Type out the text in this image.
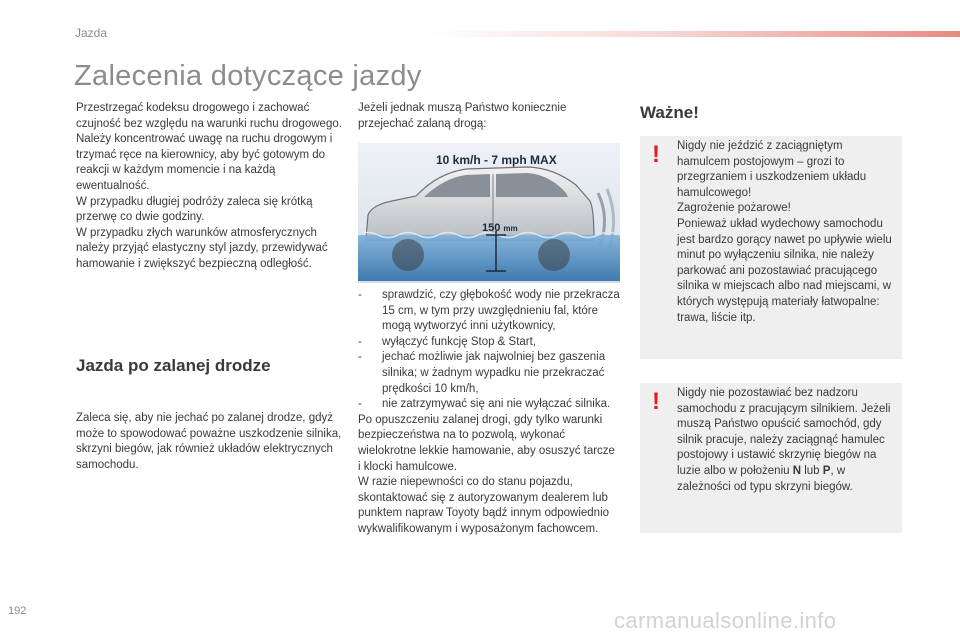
Jazda
Zalecenia dotyczące jazdy

Przestrzegać kodeksu drogowego i zachować czujność bez względu na warunki ruchu drogowego.

Należy koncentrować uwagę na ruchu drogowym i trzymać ręce na kierownicy, aby być gotowym do reakcji w każdym momencie i na każdą ewentualność.

W przypadku długiej podróży zaleca się krótką przerwę co dwie godziny.

W przypadku złych warunków atmosferycznych należy przyjąć elastyczny styl jazdy, przewidywać hamowanie i zwiększyć bezpieczną odległość.

Jazda po zalanej drodze

Zaleca się, aby nie jechać po zalanej drodze, gdyż może to spowodować poważne uszkodzenie silnika, skrzyni biegów, jak również układów elektrycznych samochodu.

Jeżeli jednak muszą Państwo koniecznie przejechać zalaną drogą:

10 km/h - 7 mph MAX
150 mm
- sprawdzić, czy głębokość wody nie przekracza 15 cm, w tym przy uwzględnieniu fal, które mogą wytworzyć inni użytkownicy,
- wyłączyć funkcję Stop & Start,
- jechać możliwie jak najwolniej bez gaszenia silnika; w żadnym wypadku nie przekraczać prędkości 10 km/h,
- nie zatrzymywać się ani nie wyłączać silnika.

Po opuszczeniu zalanej drogi, gdy tylko warunki bezpieczeństwa na to pozwolą, wykonać wielokrotne lekkie hamowanie, aby osuszyć tarcze i klocki hamulcowe.

W razie niepewności co do stanu pojazdu, skontaktować się z autoryzowanym dealerem lub punktem napraw Toyoty bądź innym odpowiednio wykwalifikowanym i wyposażonym fachowcem.

Ważne!
! Nigdy nie jeździć z zaciągniętym hamulcem postojowym – grozi to przegrzaniem i uszkodzeniem układu hamulcowego!

Zagrożenie pożarowe!

Ponieważ układ wydechowy samochodu jest bardzo gorący nawet po upływie wielu minut po wyłączeniu silnika, nie należy parkować ani pozostawiać pracującego silnika w miejscach albo nad miejscami, w których występują materiały łatwopalne: trawa, liście itp.

! Nigdy nie pozostawiać bez nadzoru samochodu z pracującym silnikiem. Jeżeli muszą Państwo opuścić samochód, gdy silnik pracuje, należy zaciągnąć hamulec postojowy i ustawić skrzynię biegów na luzie albo w położeniu N lub P, w zależności od typu skrzyni biegów.

192	carmanualsonline.info
